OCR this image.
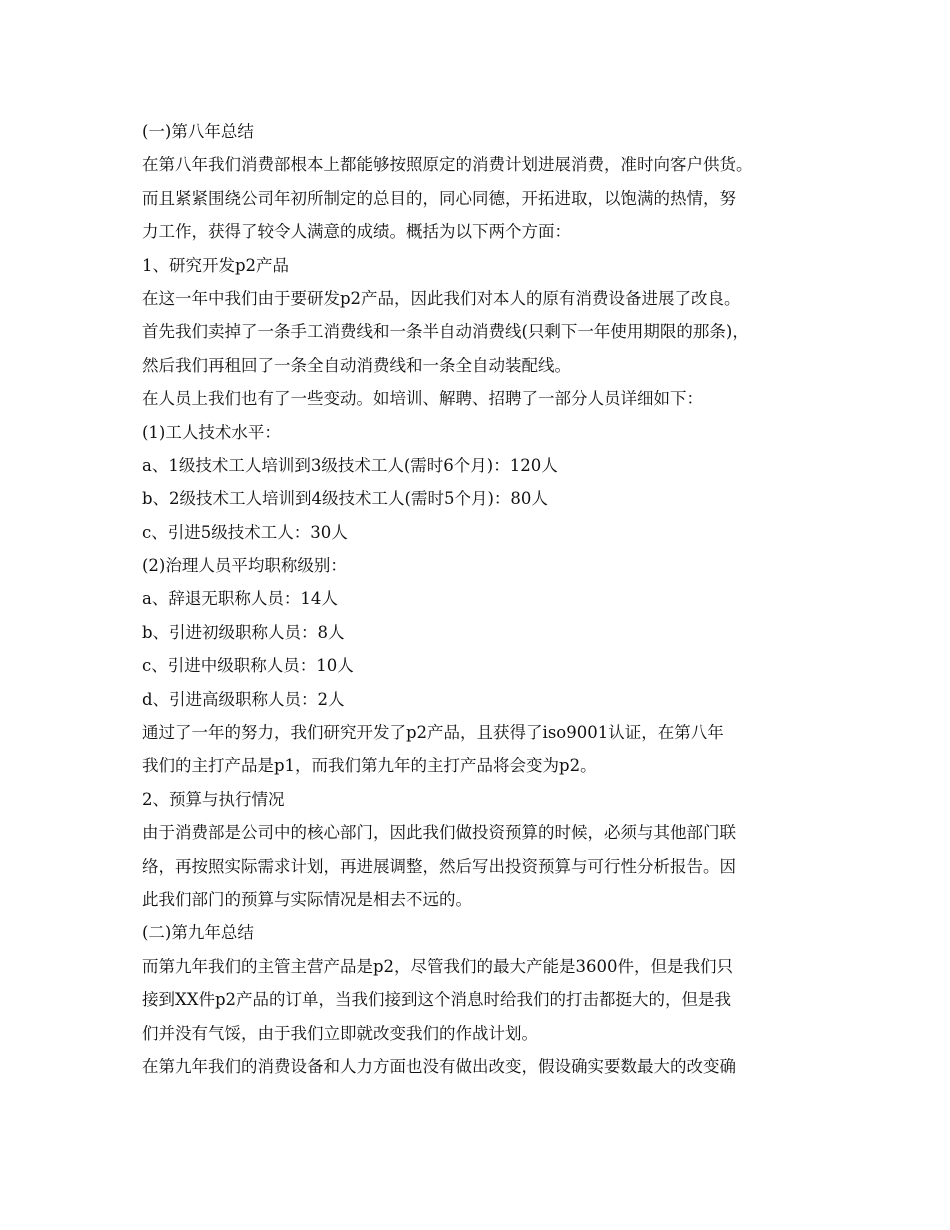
(一)第八年总结
在第八年我们消费部根本上都能够按照原定的消费计划进展消费，准时向客户供货。
而且紧紧围绕公司年初所制定的总目的，同心同德，开拓进取，以饱满的热情，努
力工作，获得了较令人满意的成绩。概括为以下两个方面：
1、研究开发p2产品
在这一年中我们由于要研发p2产品，因此我们对本人的原有消费设备进展了改良。
首先我们卖掉了一条手工消费线和一条半自动消费线(只剩下一年使用期限的那条)，
然后我们再租回了一条全自动消费线和一条全自动装配线。
在人员上我们也有了一些变动。如培训、解聘、招聘了一部分人员详细如下：
(1)工人技术水平：
a、1级技术工人培训到3级技术工人(需时6个月)：120人
b、2级技术工人培训到4级技术工人(需时5个月)：80人
c、引进5级技术工人：30人
(2)治理人员平均职称级别：
a、辞退无职称人员：14人
b、引进初级职称人员：8人
c、引进中级职称人员：10人
d、引进高级职称人员：2人
通过了一年的努力，我们研究开发了p2产品，且获得了iso9001认证，在第八年
我们的主打产品是p1，而我们第九年的主打产品将会变为p2。
2、预算与执行情况
由于消费部是公司中的核心部门，因此我们做投资预算的时候，必须与其他部门联
络，再按照实际需求计划，再进展调整，然后写出投资预算与可行性分析报告。因
此我们部门的预算与实际情况是相去不远的。
(二)第九年总结
而第九年我们的主管主营产品是p2，尽管我们的最大产能是3600件，但是我们只
接到XX件p2产品的订单，当我们接到这个消息时给我们的打击都挺大的，但是我
们并没有气馁，由于我们立即就改变我们的作战计划。
在第九年我们的消费设备和人力方面也没有做出改变，假设确实要数最大的改变确
